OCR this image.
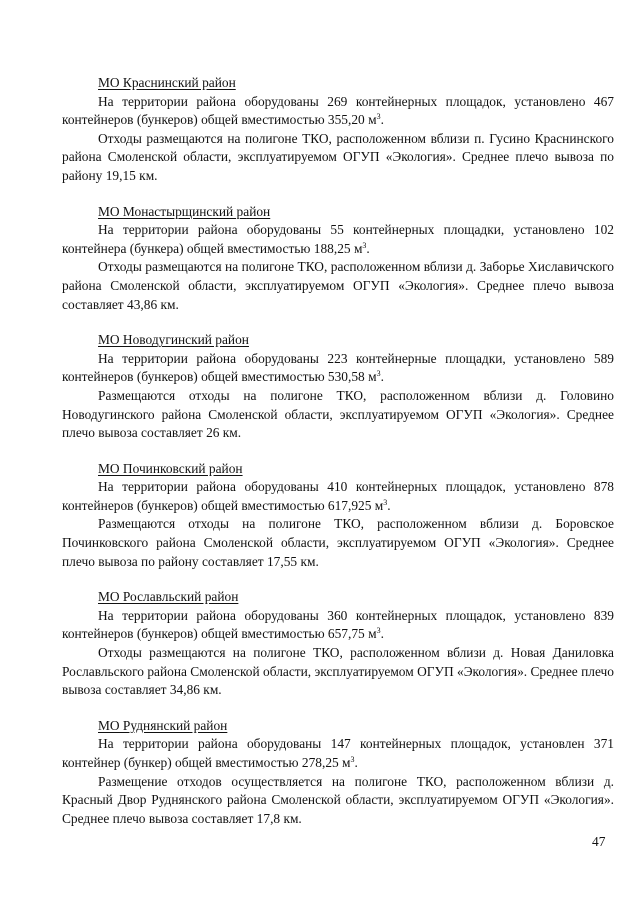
МО Краснинский район

На территории района оборудованы 269 контейнерных площадок, установлено 467 контейнеров (бункеров) общей вместимостью 355,20 $м^3$.

Отходы размещаются на полигоне ТКО, расположенном вблизи п. Гусино Краснинского района Смоленской области, эксплуатируемом ОГУП «Экология». Среднее плечо вывоза по району 19,15 км.

МО Монастырщинский район

На территории района оборудованы 55 контейнерных площадки, установлено 102 контейнера (бункера) общей вместимостью 188,25 $м^3$.

Отходы размещаются на полигоне ТКО, расположенном вблизи д. Заборье Хиславичского района Смоленской области, эксплуатируемом ОГУП «Экология». Среднее плечо вывоза составляет 43,86 км.

МО Новодугинский район

На территории района оборудованы 223 контейнерные площадки, установлено 589 контейнеров (бункеров) общей вместимостью 530,58 $м^3$.

Размещаются отходы на полигоне ТКО, расположенном вблизи д. Головино Новодугинского района Смоленской области, эксплуатируемом ОГУП «Экология». Среднее плечо вывоза составляет 26 км.

МО Починковский район

На территории района оборудованы 410 контейнерных площадок, установлено 878 контейнеров (бункеров) общей вместимостью 617,925 $м^3$.

Размещаются отходы на полигоне ТКО, расположенном вблизи д. Боровское Починковского района Смоленской области, эксплуатируемом ОГУП «Экология». Среднее плечо вывоза по району составляет 17,55 км.

МО Рославльский район

На территории района оборудованы 360 контейнерных площадок, установлено 839 контейнеров (бункеров) общей вместимостью 657,75 $м^3$.

Отходы размещаются на полигоне ТКО, расположенном вблизи д. Новая Даниловка Рославльского района Смоленской области, эксплуатируемом ОГУП «Экология». Среднее плечо вывоза составляет 34,86 км.

МО Руднянский район

На территории района оборудованы 147 контейнерных площадок, установлен 371 контейнер (бункер) общей вместимостью 278,25 $м^3$.

Размещение отходов осуществляется на полигоне ТКО, расположенном вблизи д. Красный Двор Руднянского района Смоленской области, эксплуатируемом ОГУП «Экология». Среднее плечо вывоза составляет 17,8 км.

47
